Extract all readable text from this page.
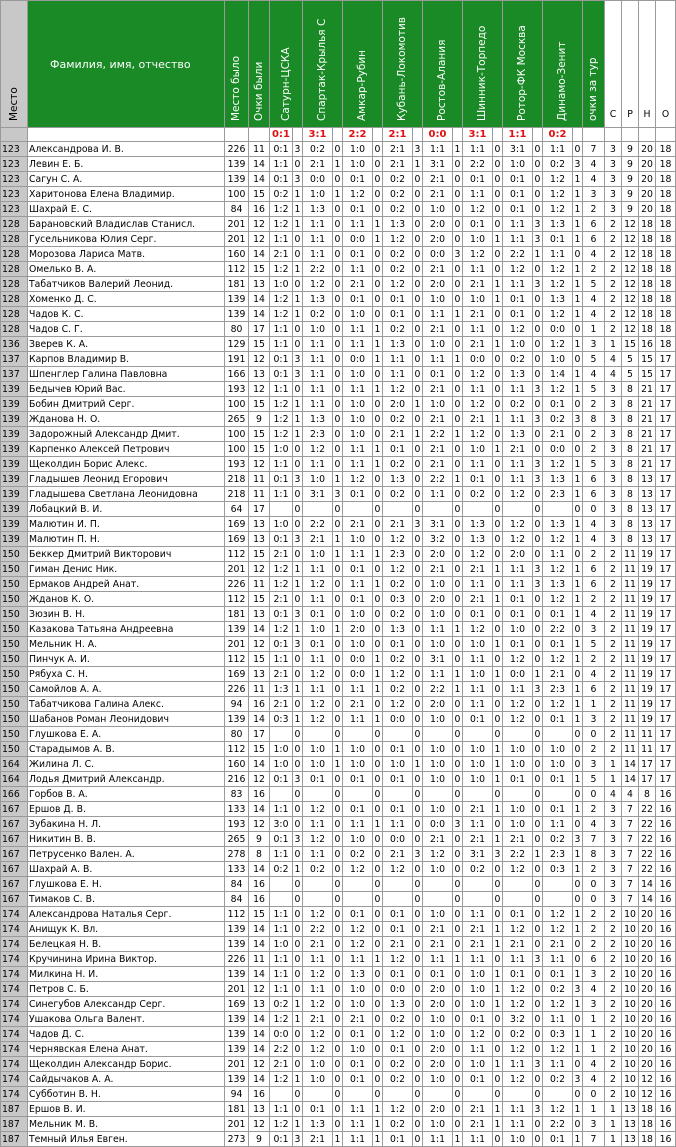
Место	Фамилия, имя, отчество	Место было	Очки были	Сатурн-ЦСКА		Спартак-Крылья С		Амкар-Рубин		Кубань-Локомотив		Ростов-Алания		Шинник-Торпедо		Ротор-ФК Москва		Динамо-Зенит		очки за тур	С	Р	Н	О
				0:1		3:1		2:2		2:1		0:0		3:1		1:1		0:2						
123	Александрова И. В.	226	11	0:1	3	0:2	0	1:0	0	2:1	3	1:1	1	1:1	0	3:1	0	1:1	0	7	3	9	20	18
123	Левин Е. Б.	139	14	1:1	0	2:1	1	1:0	0	2:1	1	3:1	0	2:2	0	1:0	0	0:2	3	4	3	9	20	18
123	Сагун С. А.	139	14	0:1	3	0:0	0	0:1	0	0:2	0	2:1	0	0:1	0	0:1	0	1:2	1	4	3	9	20	18
123	Харитонова Елена Владимир.	100	15	0:2	1	1:0	1	1:2	0	0:2	0	2:1	0	1:1	0	0:1	0	1:2	1	3	3	9	20	18
123	Шахрай Е. С.	84	16	1:2	1	1:3	0	0:1	0	0:2	0	1:0	0	1:2	0	0:1	0	1:2	1	2	3	9	20	18
128	Барановский Владислав Станисл.	201	12	1:2	1	1:1	0	1:1	1	1:3	0	2:0	0	0:1	0	1:1	3	1:3	1	6	2	12	18	18
128	Гусельникова Юлия Серг.	201	12	1:1	0	1:1	0	0:0	1	1:2	0	2:0	0	1:0	1	1:1	3	0:1	1	6	2	12	18	18
128	Морозова Лариса Матв.	160	14	2:1	0	1:1	0	0:1	0	0:2	0	0:0	3	1:2	0	2:2	1	1:1	0	4	2	12	18	18
128	Омелько В. А.	112	15	1:2	1	2:2	0	1:1	0	0:2	0	2:1	0	1:1	0	1:2	0	1:2	1	2	2	12	18	18
128	Табатчиков Валерий Леонид.	181	13	1:0	0	1:2	0	2:1	0	1:2	0	2:0	0	2:1	1	1:1	3	1:2	1	5	2	12	18	18
128	Хоменко Д. С.	139	14	1:2	1	1:3	0	0:1	0	0:1	0	1:0	0	1:0	1	0:1	0	1:3	1	4	2	12	18	18
128	Чадов К. С.	139	14	1:2	1	0:2	0	1:0	0	0:1	0	1:1	1	2:1	0	0:1	0	1:2	1	4	2	12	18	18
128	Чадов С. Г.	80	17	1:1	0	1:0	0	1:1	1	0:2	0	2:1	0	1:1	0	1:2	0	0:0	0	1	2	12	18	18
136	Зверев К. А.	129	15	1:1	0	1:1	0	1:1	1	1:3	0	1:0	0	2:1	1	1:0	0	1:2	1	3	1	15	16	18
137	Карпов Владимир В.	191	12	0:1	3	1:1	0	0:0	1	1:1	0	1:1	1	0:0	0	0:2	0	1:0	0	5	4	5	15	17
137	Шпенглер Галина Павловна	166	13	0:1	3	1:1	0	1:0	0	1:1	0	0:1	0	1:2	0	1:3	0	1:4	1	4	4	5	15	17
139	Бедычев Юрий Вас.	193	12	1:1	0	1:1	0	1:1	1	1:2	0	2:1	0	1:1	0	1:1	3	1:2	1	5	3	8	21	17
139	Бобин Дмитрий Серг.	100	15	1:2	1	1:1	0	1:0	0	2:0	1	1:0	0	1:2	0	0:2	0	0:1	0	2	3	8	21	17
139	Жданова Н. О.	265	9	1:2	1	1:3	0	1:0	0	0:2	0	2:1	0	2:1	1	1:1	3	0:2	3	8	3	8	21	17
139	Задорожный Александр Дмит.	100	15	1:2	1	2:3	0	1:0	0	2:1	1	2:2	1	1:2	0	1:3	0	2:1	0	2	3	8	21	17
139	Карпенко Алексей Петрович	100	15	1:0	0	1:2	0	1:1	1	0:1	0	2:1	0	1:0	1	2:1	0	0:0	0	2	3	8	21	17
139	Щеколдин Борис Алекс.	193	12	1:1	0	1:1	0	1:1	1	0:2	0	2:1	0	1:1	0	1:1	3	1:2	1	5	3	8	21	17
139	Гладышев Леонид Егорович	218	11	0:1	3	1:0	1	1:2	0	1:3	0	2:2	1	0:1	0	1:1	3	1:3	1	6	3	8	13	17
139	Гладышева Светлана Леонидовна	218	11	1:1	0	3:1	3	0:1	0	0:2	0	1:1	0	0:2	0	1:2	0	2:3	1	6	3	8	13	17
139	Лобацкий В. И.	64	17		0		0		0		0		0		0		0		0	0	3	8	13	17
139	Малютин И. П.	169	13	1:0	0	2:2	0	2:1	0	2:1	3	3:1	0	1:3	0	1:2	0	1:3	1	4	3	8	13	17
139	Малютин П. Н.	169	13	0:1	3	2:1	1	1:0	0	1:2	0	3:2	0	1:3	0	1:2	0	1:2	1	4	3	8	13	17
150	Беккер Дмитрий Викторович	112	15	2:1	0	1:0	1	1:1	1	2:3	0	2:0	0	1:2	0	2:0	0	1:1	0	2	2	11	19	17
150	Гиман Денис Ник.	201	12	1:2	1	1:1	0	0:1	0	1:2	0	2:1	0	2:1	1	1:1	3	1:2	1	6	2	11	19	17
150	Ермаков Андрей Анат.	226	11	1:2	1	1:2	0	1:1	1	0:2	0	1:0	0	1:1	0	1:1	3	1:3	1	6	2	11	19	17
150	Жданов К. О.	112	15	2:1	0	1:1	0	0:1	0	0:3	0	2:0	0	2:1	1	0:1	0	1:2	1	2	2	11	19	17
150	Зюзин В. Н.	181	13	0:1	3	0:1	0	1:0	0	0:2	0	1:0	0	0:1	0	0:1	0	0:1	1	4	2	11	19	17
150	Казакова Татьяна Андреевна	139	14	1:2	1	1:0	1	2:0	0	1:3	0	1:1	1	1:2	0	1:0	0	2:2	0	3	2	11	19	17
150	Мельник Н. А.	201	12	0:1	3	0:1	0	1:0	0	0:1	0	1:0	0	1:0	1	0:1	0	0:1	1	5	2	11	19	17
150	Пинчук А. И.	112	15	1:1	0	1:1	0	0:0	1	0:2	0	3:1	0	1:1	0	1:2	0	1:2	1	2	2	11	19	17
150	Рябуха С. Н.	169	13	2:1	0	1:2	0	0:0	1	1:2	0	1:1	1	1:0	1	0:0	1	2:1	0	4	2	11	19	17
150	Самойлов А. А.	226	11	1:3	1	1:1	0	1:1	1	0:2	0	2:2	1	1:1	0	1:1	3	2:3	1	6	2	11	19	17
150	Табатчикова Галина Алекс.	94	16	2:1	0	1:2	0	2:1	0	1:2	0	2:0	0	1:1	0	1:2	0	1:2	1	1	2	11	19	17
150	Шабанов Роман Леонидович	139	14	0:3	1	1:2	0	1:1	1	0:0	0	1:0	0	0:1	0	1:2	0	0:1	1	3	2	11	19	17
150	Глушкова Е. А.	80	17		0		0		0		0		0		0		0		0	0	2	11	11	17
150	Старадымов А. В.	112	15	1:0	0	1:0	1	1:0	0	0:1	0	1:0	0	1:0	1	1:0	0	1:0	0	2	2	11	11	17
164	Жилина Л. С.	160	14	1:0	0	1:0	1	1:0	0	1:0	1	1:0	0	1:0	1	1:0	0	1:0	0	3	1	14	17	17
164	Лодья Дмитрий Александр.	216	12	0:1	3	0:1	0	0:1	0	0:1	0	1:0	0	1:0	1	0:1	0	0:1	1	5	1	14	17	17
166	Горбов В. А.	83	16		0		0		0		0		0		0		0		0	0	4	4	8	16
167	Ершов Д. В.	133	14	1:1	0	1:2	0	0:1	0	0:1	0	1:0	0	2:1	1	1:0	0	0:1	1	2	3	7	22	16
167	Зубакина Н. Л.	193	12	3:0	0	1:1	0	1:1	1	1:1	0	0:0	3	1:1	0	1:0	0	1:1	0	4	3	7	22	16
167	Никитин В. В.	265	9	0:1	3	1:2	0	1:0	0	0:0	0	2:1	0	2:1	1	2:1	0	0:2	3	7	3	7	22	16
167	Петрусенко Вален. А.	278	8	1:1	0	1:1	0	0:2	0	2:1	3	1:2	0	3:1	3	2:2	1	2:3	1	8	3	7	22	16
167	Шахрай А. В.	133	14	0:2	1	0:2	0	1:2	0	1:2	0	1:0	0	0:2	0	1:2	0	0:3	1	2	3	7	22	16
167	Глушкова Е. Н.	84	16		0		0		0		0		0		0		0		0	0	3	7	14	16
167	Тимаков С. В.	84	16		0		0		0		0		0		0		0		0	0	3	7	14	16
174	Александрова Наталья Серг.	112	15	1:1	0	1:2	0	0:1	0	0:1	0	1:0	0	1:1	0	0:1	0	1:2	1	2	2	10	20	16
174	Анищук К. Вл.	139	14	1:1	0	2:2	0	1:2	0	0:1	0	2:1	0	2:1	1	1:2	0	1:2	1	2	2	10	20	16
174	Белецкая Н. В.	139	14	1:0	0	2:1	0	1:2	0	2:1	0	2:1	0	2:1	1	2:1	0	2:1	0	2	2	10	20	16
174	Кручинина Ирина Виктор.	226	11	1:1	0	1:1	0	1:1	1	1:2	0	1:1	1	1:1	0	1:1	3	1:1	0	6	2	10	20	16
174	Милкина Н. И.	139	14	1:1	0	1:2	0	1:3	0	0:1	0	0:1	0	1:0	1	0:1	0	0:1	1	3	2	10	20	16
174	Петров С. Б.	201	12	1:1	0	1:1	0	1:0	0	0:0	0	2:0	0	1:0	1	1:2	0	0:2	3	4	2	10	20	16
174	Синегубов Александр Серг.	169	13	0:2	1	1:2	0	1:0	0	1:3	0	2:0	0	1:0	1	1:2	0	1:2	1	3	2	10	20	16
174	Ушакова Ольга Валент.	139	14	1:2	1	2:1	0	2:1	0	0:2	0	1:0	0	0:1	0	3:2	0	1:1	0	1	2	10	20	16
174	Чадов Д. С.	139	14	0:0	0	1:2	0	0:1	0	1:2	0	1:0	0	1:2	0	0:2	0	0:3	1	1	2	10	20	16
174	Чернявская Елена Анат.	139	14	2:2	0	1:2	0	1:0	0	0:1	0	2:0	0	1:1	0	1:2	0	1:2	1	1	2	10	20	16
174	Щеколдин Александр Борис.	201	12	2:1	0	1:0	0	0:1	0	0:2	0	2:0	0	1:0	1	1:1	3	1:1	0	4	2	10	20	16
174	Сайдычаков А. А.	139	14	1:2	1	1:0	0	0:1	0	0:2	0	1:0	0	0:1	0	1:2	0	0:2	3	4	2	10	12	16
174	Субботин В. Н.	94	16		0		0		0		0		0		0		0		0	0	2	10	12	16
187	Ершов В. И.	181	13	1:1	0	0:1	0	1:1	1	1:2	0	2:0	0	2:1	1	1:1	3	1:2	1	1	1	13	18	16
187	Мельник М. В.	201	12	1:2	1	1:3	0	1:1	1	0:2	0	1:0	0	2:1	1	1:1	0	2:2	0	3	1	13	18	16
187	Темный Илья Евген.	273	9	0:1	3	2:1	1	1:1	1	0:1	0	1:1	1	1:1	0	1:0	0	0:1	1	7	1	13	18	16
